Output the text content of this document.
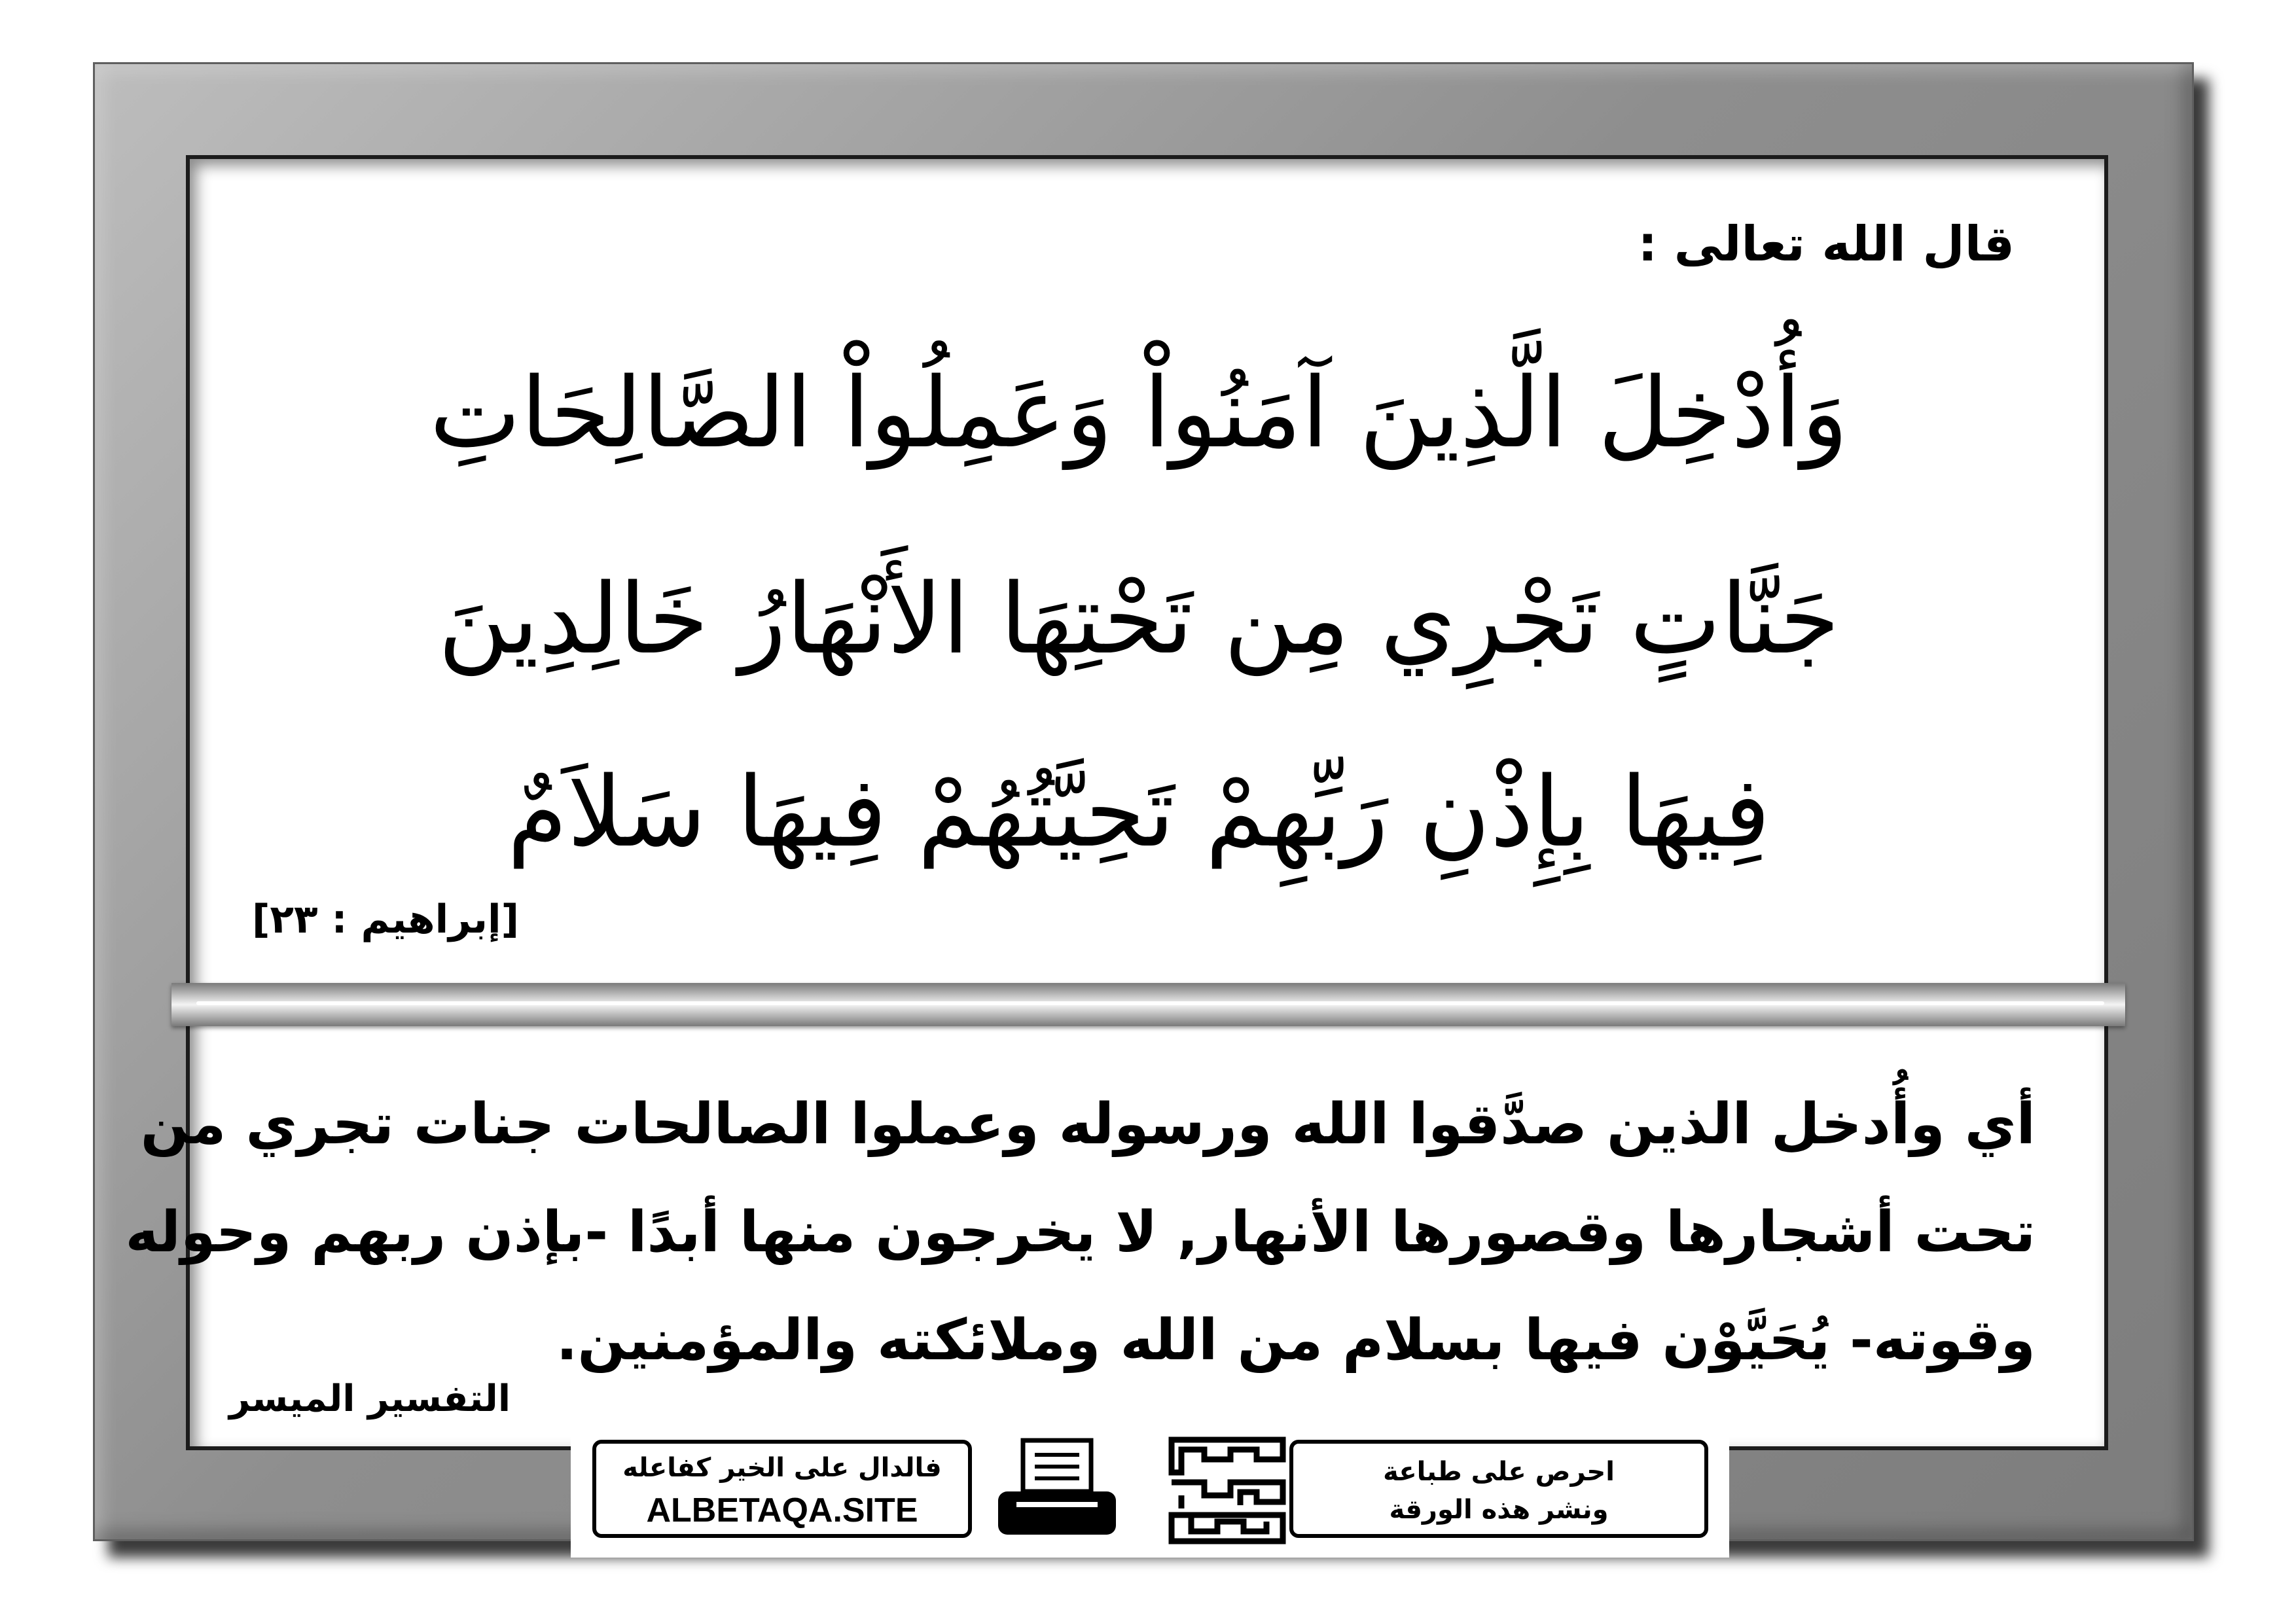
قال الله تعالى :
وَأُدْخِلَ الَّذِينَ آمَنُواْ وَعَمِلُواْ الصَّالِحَاتِ
جَنَّاتٍ تَجْرِي مِن تَحْتِهَا الأَنْهَارُ خَالِدِينَ
فِيهَا بِإِذْنِ رَبِّهِمْ تَحِيَّتُهُمْ فِيهَا سَلاَمٌ
[إبراهيم : ٢٣]
أي وأُدخل الذين صدَّقوا الله ورسوله وعملوا الصالحات جنات تجري من
تحت أشجارها وقصورها الأنهار, لا يخرجون منها أبدًا -بإذن ربهم وحوله
وقوته- يُحَيَّوْن فيها بسلام من الله وملائكته والمؤمنين.
التفسير الميسر
فالدال على الخير كفاعله
ALBETAQA.SITE
احرص على طباعة
ونشر هذه الورقة
